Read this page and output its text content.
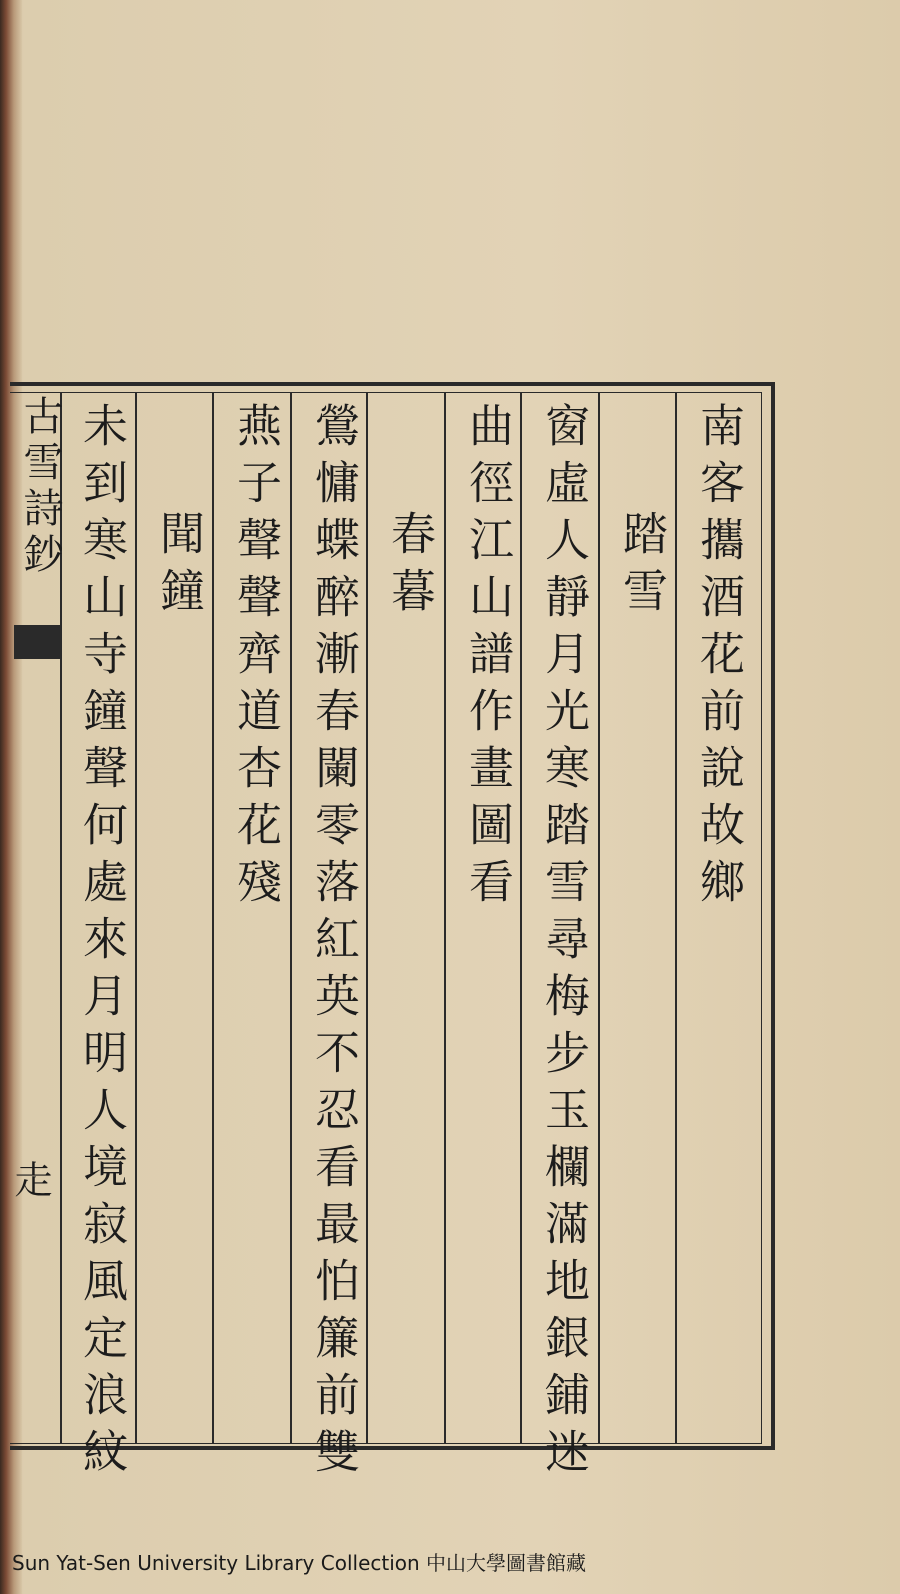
古雪詩鈔
走
南客攜酒花前說故鄉
踏雪
窗虛人靜月光寒踏雪尋梅步玉欄滿地銀鋪迷
曲徑江山譜作畫圖看
春暮
鶯慵蝶醉漸春闌零落紅英不忍看最怕簾前雙
燕子聲聲齊道杏花殘
聞鐘
未到寒山寺鐘聲何處來月明人境寂風定浪紋
Sun Yat-Sen University Library Collection 中山大學圖書館藏
